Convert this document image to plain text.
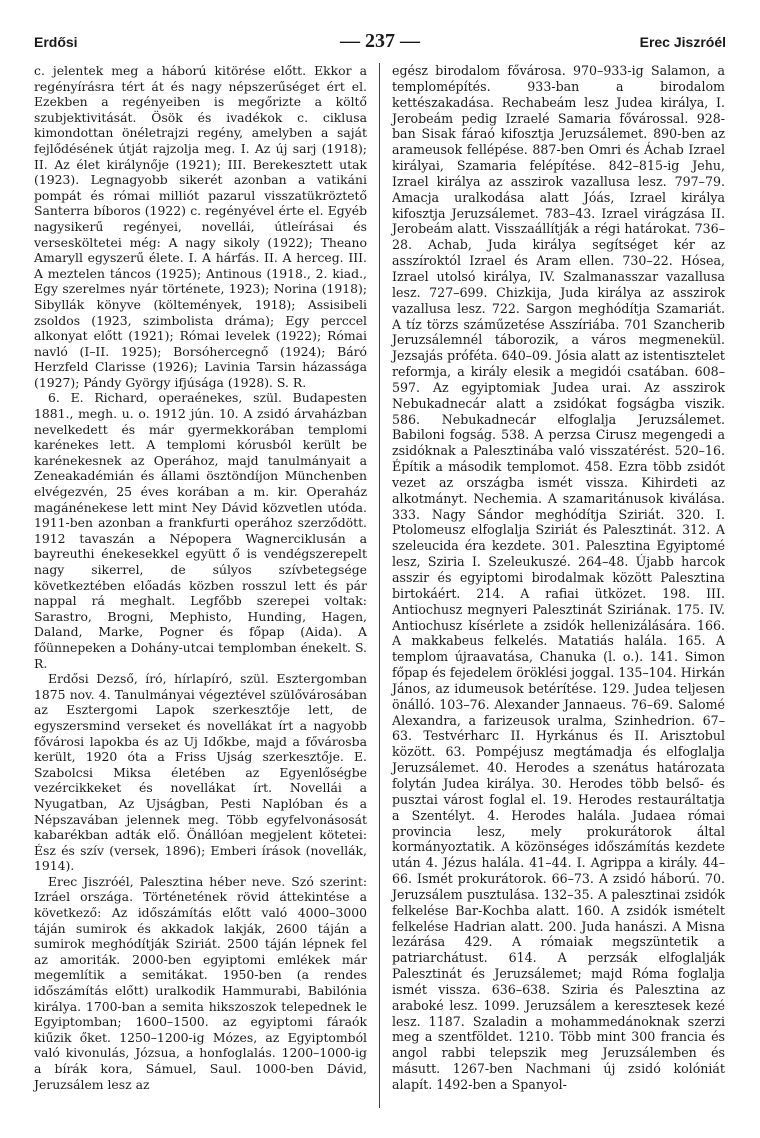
Erdősi	— 237 —	Erec Jiszróél

c. jelentek meg a háború kitörése előtt. Ekkor a regényírásra tért át és nagy népszerűséget ért el. Ezekben a regényeiben is megőrizte a költő szubjektivitását. Ösök és ivadékok c. ciklusa kimondottan önéletrajzi regény, amelyben a saját fejlődésének útját rajzolja meg. I. Az új sarj (1918); II. Az élet királynője (1921); III. Berekesztett utak (1923). Legnagyobb sikerét azonban a vatikáni pompát és római milliót pazarul visszatükröztető Santerra bíboros (1922) c. regényével érte el. Egyéb nagysikerű regényei, novellái, útleírásai és versesköltetei még: A nagy sikoly (1922); Theano Amaryll egyszerű élete. I. A hárfás. II. A herceg. III. A meztelen táncos (1925); Antinous (1918., 2. kiad., Egy szerelmes nyár története, 1923); Norina (1918); Sibyllák könyve (költemények, 1918); Assisibeli zsoldos (1923, szimbolista dráma); Egy perccel alkonyat előtt (1921); Római levelek (1922); Római navló (I–II. 1925); Borsóhercegnő (1924); Báró Herzfeld Clarisse (1926); Lavinia Tarsin házassága (1927); Pándy György ifjúsága (1928). S. R.

6. E. Richard, operaénekes, szül. Budapesten 1881., megh. u. o. 1912 jún. 10. A zsidó árvaházban nevelkedett és már gyermekkorában templomi karénekes lett. A templomi kórusból került be karénekesnek az Operához, majd tanulmányait a Zeneakadémián és állami ösztöndíjon Münchenben elvégezvén, 25 éves korában a m. kir. Operaház magánénekese lett mint Ney Dávid közvetlen utóda. 1911-ben azonban a frankfurti operához szerződött. 1912 tavaszán a Népopera Wagnerciklusán a bayreuthi énekesekkel együtt ő is vendégszerepelt nagy sikerrel, de súlyos szívbetegsége következtében előadás közben rosszul lett és pár nappal rá meghalt. Legfőbb szerepei voltak: Sarastro, Brogni, Mephisto, Hunding, Hagen, Daland, Marke, Pogner és főpap (Aida). A főünnepeken a Dohány-utcai templomban énekelt. S. R.

Erdősi Dezső, író, hírlapíró, szül. Esztergomban 1875 nov. 4. Tanulmányai végeztével szülővárosában az Esztergomi Lapok szerkesztője lett, de egyszersmind verseket és novellákat írt a nagyobb fővárosi lapokba és az Uj Időkbe, majd a fővárosba került, 1920 óta a Friss Ujság szerkesztője. E. Szabolcsi Miksa életében az Egyenlőségbe vezércikkeket és novellákat írt. Novellái a Nyugatban, Az Ujságban, Pesti Naplóban és a Népszavában jelennek meg. Több egyfelvonásosát kabarékban adták elő. Önállóan megjelent kötetei: Ész és szív (versek, 1896); Emberi írások (novellák, 1914).

Erec Jiszróél, Palesztina héber neve. Szó szerint: Izráel országa. Történetének rövid áttekintése a következő: Az időszámítás előtt való 4000–3000 táján sumirok és akkadok lakják, 2600 táján a sumirok meghódítják Sziriát. 2500 táján lépnek fel az amoriták. 2000-ben egyiptomi emlékek már megemlítik a semitákat. 1950-ben (a rendes időszámítás előtt) uralkodik Hammurabi, Babilónia királya. 1700-ban a semita hikszoszok telepednek le Egyiptomban; 1600–1500. az egyiptomi fáraók kiűzik őket. 1250–1200-ig Mózes, az Egyiptomból való kivonulás, Józsua, a honfoglalás. 1200–1000-ig a bírák kora, Sámuel, Saul. 1000-ben Dávid, Jeruzsálem lesz az

egész birodalom fővárosa. 970–933-ig Salamon, a templomépítés. 933-ban a birodalom kettészakadása. Rechabeám lesz Judea királya, I. Jerobeám pedig Izraelé Samaria fővárossal. 928-ban Sisak fáraó kifosztja Jeruzsálemet. 890-ben az arameusok fellépése. 887-ben Omri és Áchab Izrael királyai, Szamaria felépítése. 842–815-ig Jehu, Izrael királya az asszirok vazallusa lesz. 797–79. Amacja uralkodása alatt Jóás, Izrael királya kifosztja Jeruzsálemet. 783–43. Izrael virágzása II. Jerobeám alatt. Visszaállítják a régi határokat. 736–28. Achab, Juda királya segítséget kér az asszíroktól Izrael és Aram ellen. 730–22. Hósea, Izrael utolsó királya, IV. Szalmanasszar vazallusa lesz. 727–699. Chizkija, Juda királya az asszirok vazallusa lesz. 722. Sargon meghódítja Szamariát. A tíz törzs száműzetése Asszíriába. 701 Szancherib Jeruzsálemnél táborozik, a város megmenekül. Jezsajás próféta. 640–09. Jósia alatt az istentisztelet reformja, a király elesik a megidói csatában. 608–597. Az egyiptomiak Judea urai. Az asszirok Nebukadnecár alatt a zsidókat fogságba viszik. 586. Nebukadnecár elfoglalja Jeruzsálemet. Babiloni fogság. 538. A perzsa Cirusz megengedi a zsidóknak a Palesztinába való visszatérést. 520–16. Építik a második templomot. 458. Ezra több zsidót vezet az országba ismét vissza. Kihirdeti az alkotmányt. Nechemia. A szamaritánusok kiválása. 333. Nagy Sándor meghódítja Sziriát. 320. I. Ptolomeusz elfoglalja Sziriát és Palesztinát. 312. A szeleucida éra kezdete. 301. Palesztina Egyiptomé lesz, Sziria I. Szeleukuszé. 264–48. Újabb harcok asszir és egyiptomi birodalmak között Palesztina birtokáért. 214. A rafiai ütközet. 198. III. Antiochusz megnyeri Palesztinát Sziriának. 175. IV. Antiochusz kísérlete a zsidók hellenizálására. 166. A makkabeus felkelés. Matatiás halála. 165. A templom újraavatása, Chanuka (l. o.). 141. Simon főpap és fejedelem öröklési joggal. 135–104. Hirkán János, az idumeusok betérítése. 129. Judea teljesen önálló. 103–76. Alexander Jannaeus. 76–69. Salomé Alexandra, a farizeusok uralma, Szinhedrion. 67–63. Testvérharc II. Hyrkánus és II. Arisztobul között. 63. Pompéjusz megtámadja és elfoglalja Jeruzsálemet. 40. Herodes a szenátus határozata folytán Judea királya. 30. Herodes több belső- és pusztai várost foglal el. 19. Herodes restauráltatja a Szentélyt. 4. Herodes halála. Judaea római provincia lesz, mely prokurátorok által kormányoztatik. A közönséges időszámítás kezdete után 4. Jézus halála. 41–44. I. Agrippa a király. 44–66. Ismét prokurátorok. 66–73. A zsidó háború. 70. Jeruzsálem pusztulása. 132–35. A palesztinai zsidók felkelése Bar-Kochba alatt. 160. A zsidók ismételt felkelése Hadrian alatt. 200. Juda hanászi. A Misna lezárása 429. A rómaiak megszüntetik a patriarchátust. 614. A perzsák elfoglalják Palesztinát és Jeruzsálemet; majd Róma foglalja ismét vissza. 636–638. Sziria és Palesztina az araboké lesz. 1099. Jeruzsálem a keresztesek kezé lesz. 1187. Szaladin a mohammedánoknak szerzi meg a szentföldet. 1210. Több mint 300 francia és angol rabbi telepszik meg Jeruzsálemben és másutt. 1267-ben Nachmani új zsidó kolóniát alapít. 1492-ben a Spanyol-
